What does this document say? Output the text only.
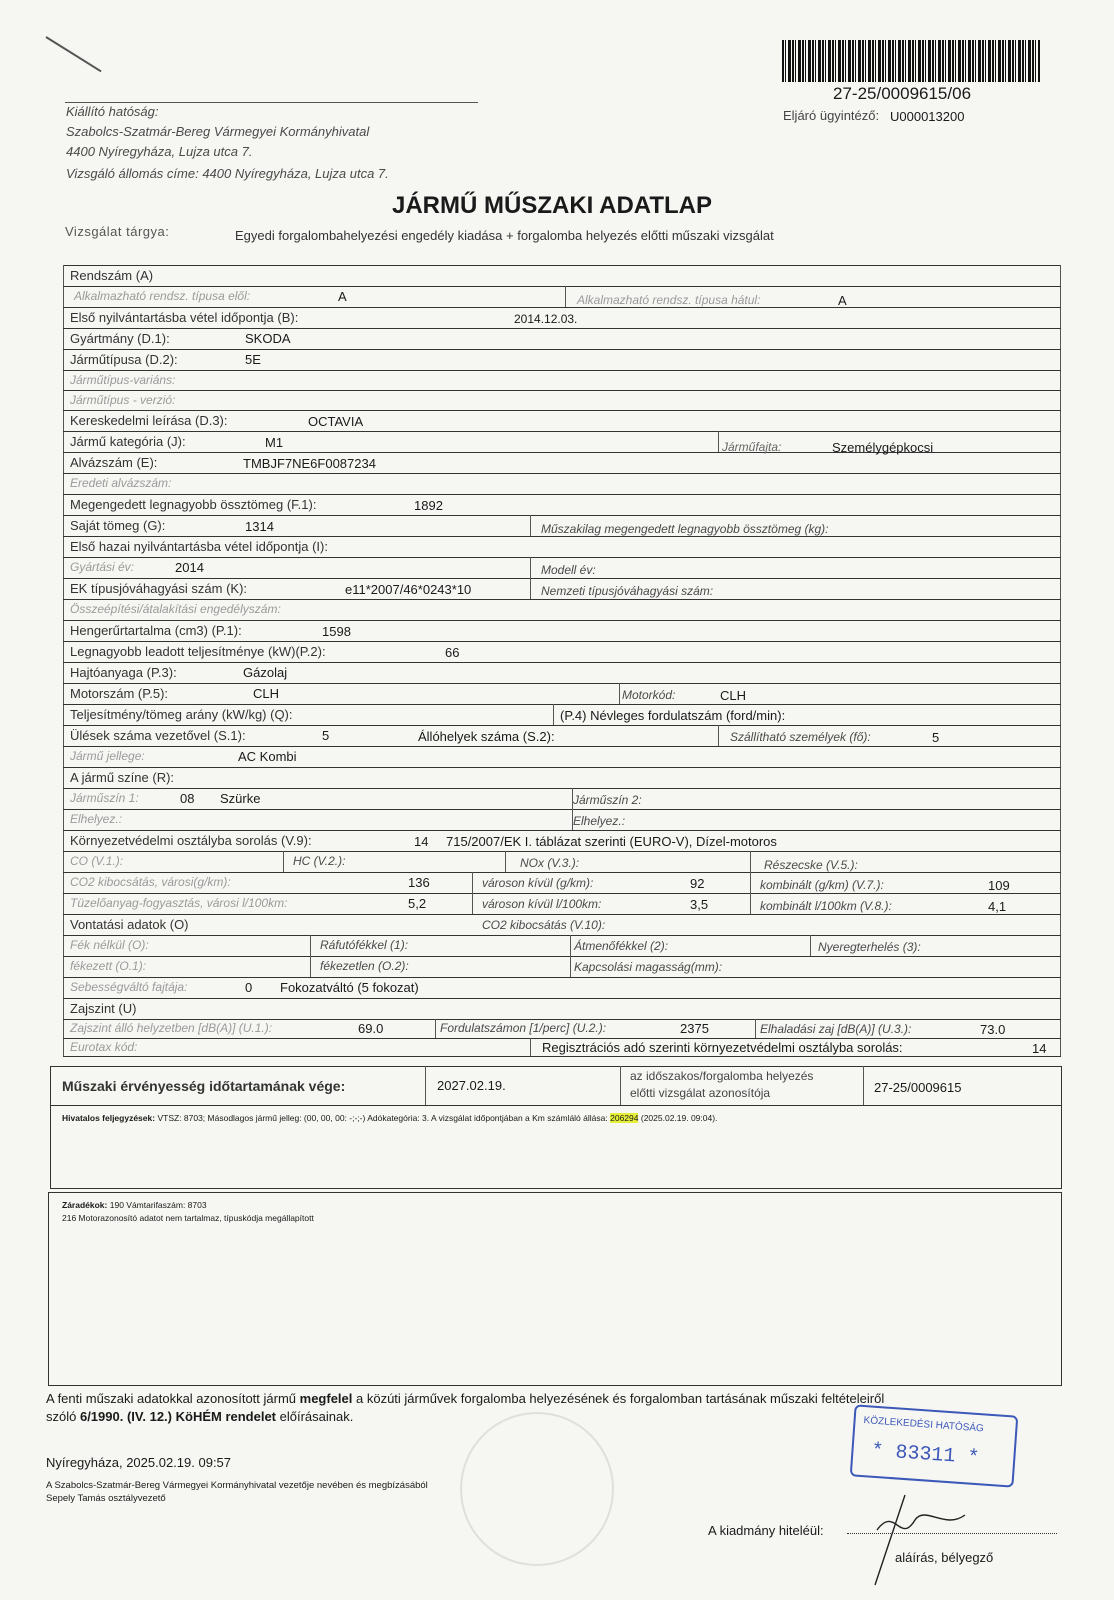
27-25/0009615/06
Eljáró ügyintéző: U000013200
Kiállító hatóság:
Szabolcs-Szatmár-Bereg Vármegyei Kormányhivatal
4400 Nyíregyháza, Lujza utca 7.
Vizsgáló állomás címe: 4400 Nyíregyháza, Lujza utca 7.
JÁRMŰ MŰSZAKI ADATLAP
Vizsgálat tárgya:	Egyedi forgalombahelyezési engedély kiadása + forgalomba helyezés előtti műszaki vizsgálat
Rendszám (A)
Alkalmazható rendsz. típusa elől:	A	Alkalmazható rendsz. típusa hátul:	A
Első nyilvántartásba vétel időpontja (B):	2014.12.03.
Gyártmány (D.1):	SKODA
Járműtípusa (D.2):	5E
Járműtípus-variáns:
Járműtípus - verzió:
Kereskedelmi leírása (D.3):	OCTAVIA
Jármű kategória (J):	M1	Járműfajta:	Személygépkocsi
Alvázszám (E):	TMBJF7NE6F0087234
Eredeti alvázszám:
Megengedett legnagyobb össztömeg (F.1):	1892
Saját tömeg (G):	1314	Műszakilag megengedett legnagyobb össztömeg (kg):
Első hazai nyilvántartásba vétel időpontja (I):
Gyártási év:	2014	Modell év:
EK típusjóváhagyási szám (K):	e11*2007/46*0243*10	Nemzeti típusjóváhagyási szám:
Összeépítési/átalakítási engedélyszám:
Hengerűrtartalma (cm3) (P.1):	1598
Legnagyobb leadott teljesítménye (kW)(P.2):	66
Hajtóanyaga (P.3):	Gázolaj
Motorszám (P.5):	CLH	Motorkód:	CLH
Teljesítmény/tömeg arány (kW/kg) (Q):	(P.4) Névleges fordulatszám (ford/min):
Ülések száma vezetővel (S.1):	5	Állóhelyek száma (S.2):	Szállítható személyek (fő):	5
Jármű jellege:	AC Kombi
A jármű színe (R):
Járműszín 1:	08 Szürke	Járműszín 2:
Elhelyez.:	Elhelyez.:
Környezetvédelmi osztályba sorolás (V.9):	14 715/2007/EK I. táblázat szerinti (EURO-V), Dízel-motoros
CO (V.1.):	HC (V.2.):	NOx (V.3.):	Részecske (V.5.):
CO2 kibocsátás, városi(g/km):	136	városon kívül (g/km):	92	kombinált (g/km) (V.7.):	109
Tüzelőanyag-fogyasztás, városi l/100km:	5,2	városon kívül l/100km:	3,5	kombinált l/100km (V.8.):	4,1
Vontatási adatok (O)	CO2 kibocsátás (V.10):
Fék nélkül (O):	Ráfutófékkel (1):	Átmenőfékkel (2):	Nyeregterhelés (3):
fékezett (O.1):	fékezetlen (O.2):	Kapcsolási magasság(mm):
Sebességváltó fajtája:	0 Fokozatváltó (5 fokozat)
Zajszint (U)
Zajszint álló helyzetben [dB(A)] (U.1.):	69.0	Fordulatszámon [1/perc] (U.2.):	2375	Elhaladási zaj [dB(A)] (U.3.):	73.0
Eurotax kód:	Regisztrációs adó szerinti környezetvédelmi osztályba sorolás:	14
Műszaki érvényesség időtartamának vége:	2027.02.19.
az időszakos/forgalomba helyezés
előtti vizsgálat azonosítója	27-25/0009615
Hivatalos feljegyzések: VTSZ: 8703; Másodlagos jármű jelleg: (00, 00, 00: -;-;-) Adókategória: 3. A vizsgálat időpontjában a Km számláló állása: 206294 (2025.02.19. 09:04).
Záradékok: 190 Vámtarifaszám: 8703
216 Motorazonosító adatot nem tartalmaz, típuskódja megállapított
A fenti műszaki adatokkal azonosított jármű megfelel a közúti járművek forgalomba helyezésének és forgalomban tartásának műszaki feltételeiről
szóló 6/1990. (IV. 12.) KöHÉM rendelet előírásainak.
Nyíregyháza, 2025.02.19. 09:57
A Szabolcs-Szatmár-Bereg Vármegyei Kormányhivatal vezetője nevében és megbízásából
Sepely Tamás osztályvezető
KÖZLEKEDÉSI HATÓSÁG
* 83311 *
A kiadmány hiteléül:
aláírás, bélyegző
